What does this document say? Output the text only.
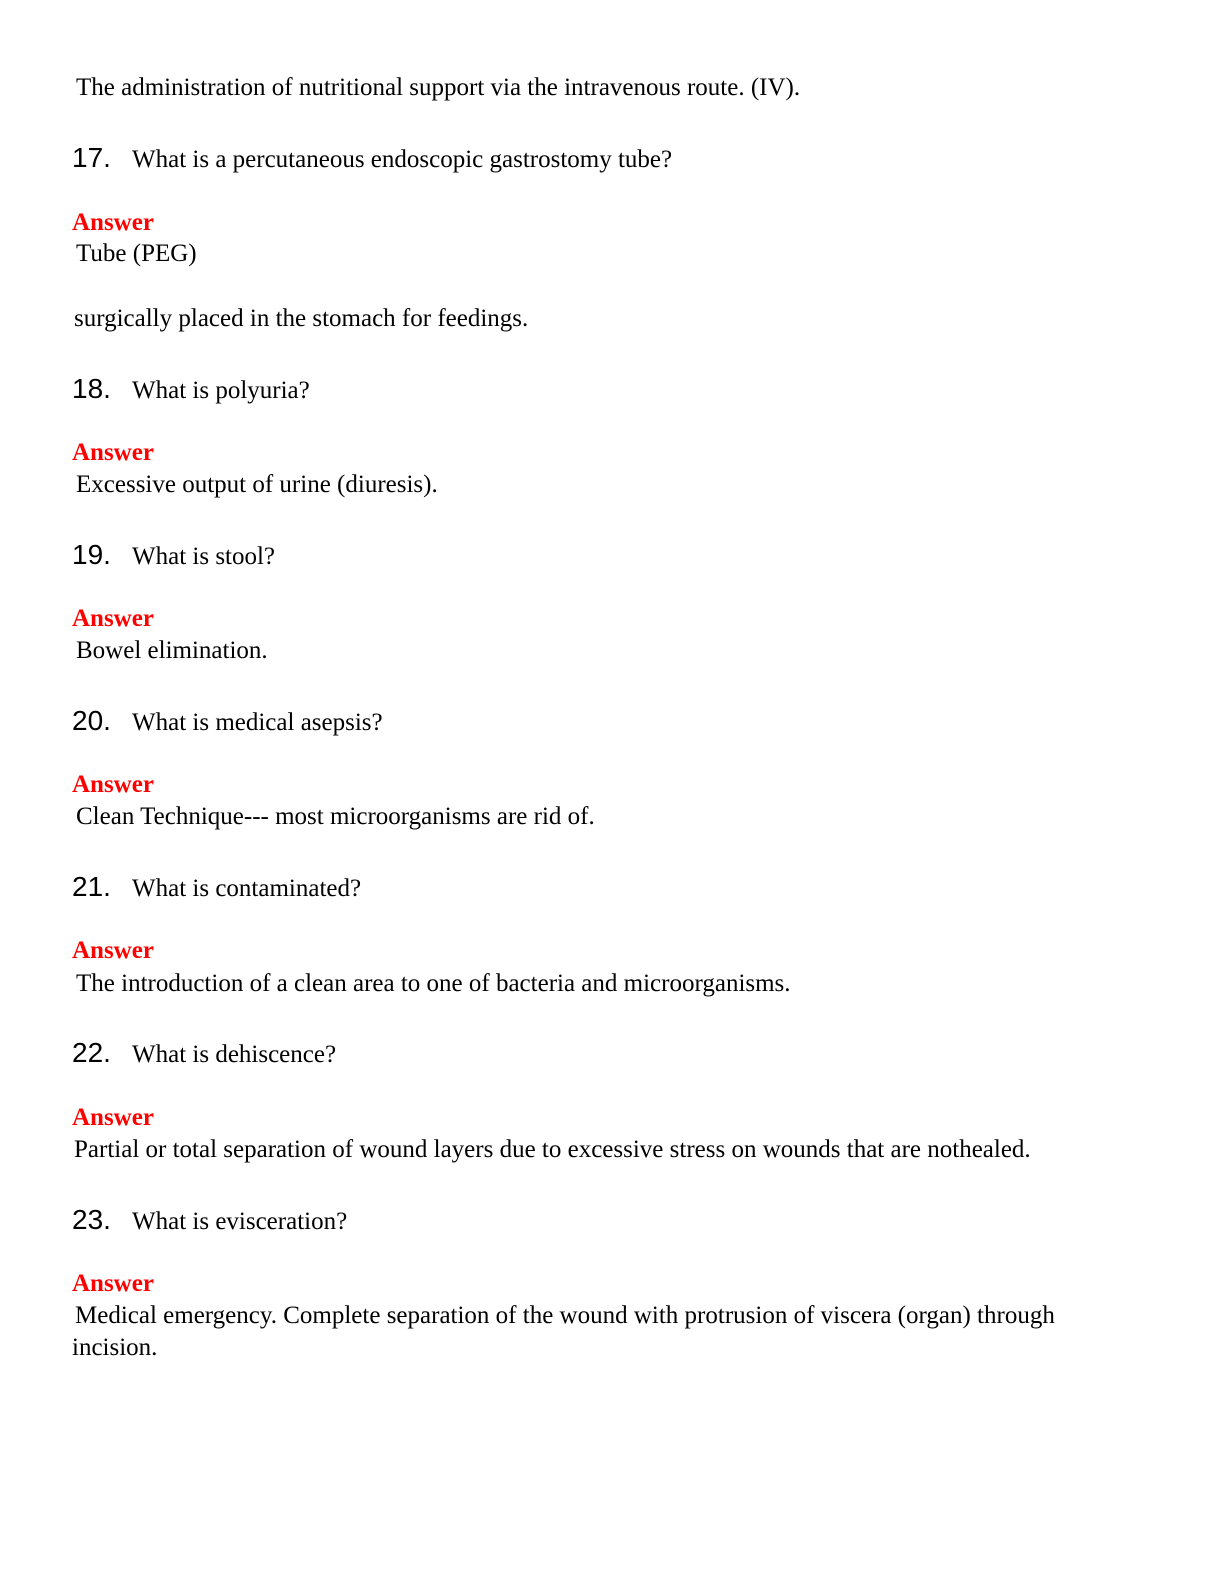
The administration of nutritional support via the intravenous route. (IV).
17. What is a percutaneous endoscopic gastrostomy tube?
Answer
Tube (PEG)
surgically placed in the stomach for feedings.
18. What is polyuria?
Answer
Excessive output of urine (diuresis).
19. What is stool?
Answer
Bowel elimination.
20. What is medical asepsis?
Answer
Clean Technique--- most microorganisms are rid of.
21. What is contaminated?
Answer
The introduction of a clean area to one of bacteria and microorganisms.
22. What is dehiscence?
Answer
Partial or total separation of wound layers due to excessive stress on wounds that are nothealed.
23. What is evisceration?
Answer
Medical emergency. Complete separation of the wound with protrusion of viscera (organ) through incision.
